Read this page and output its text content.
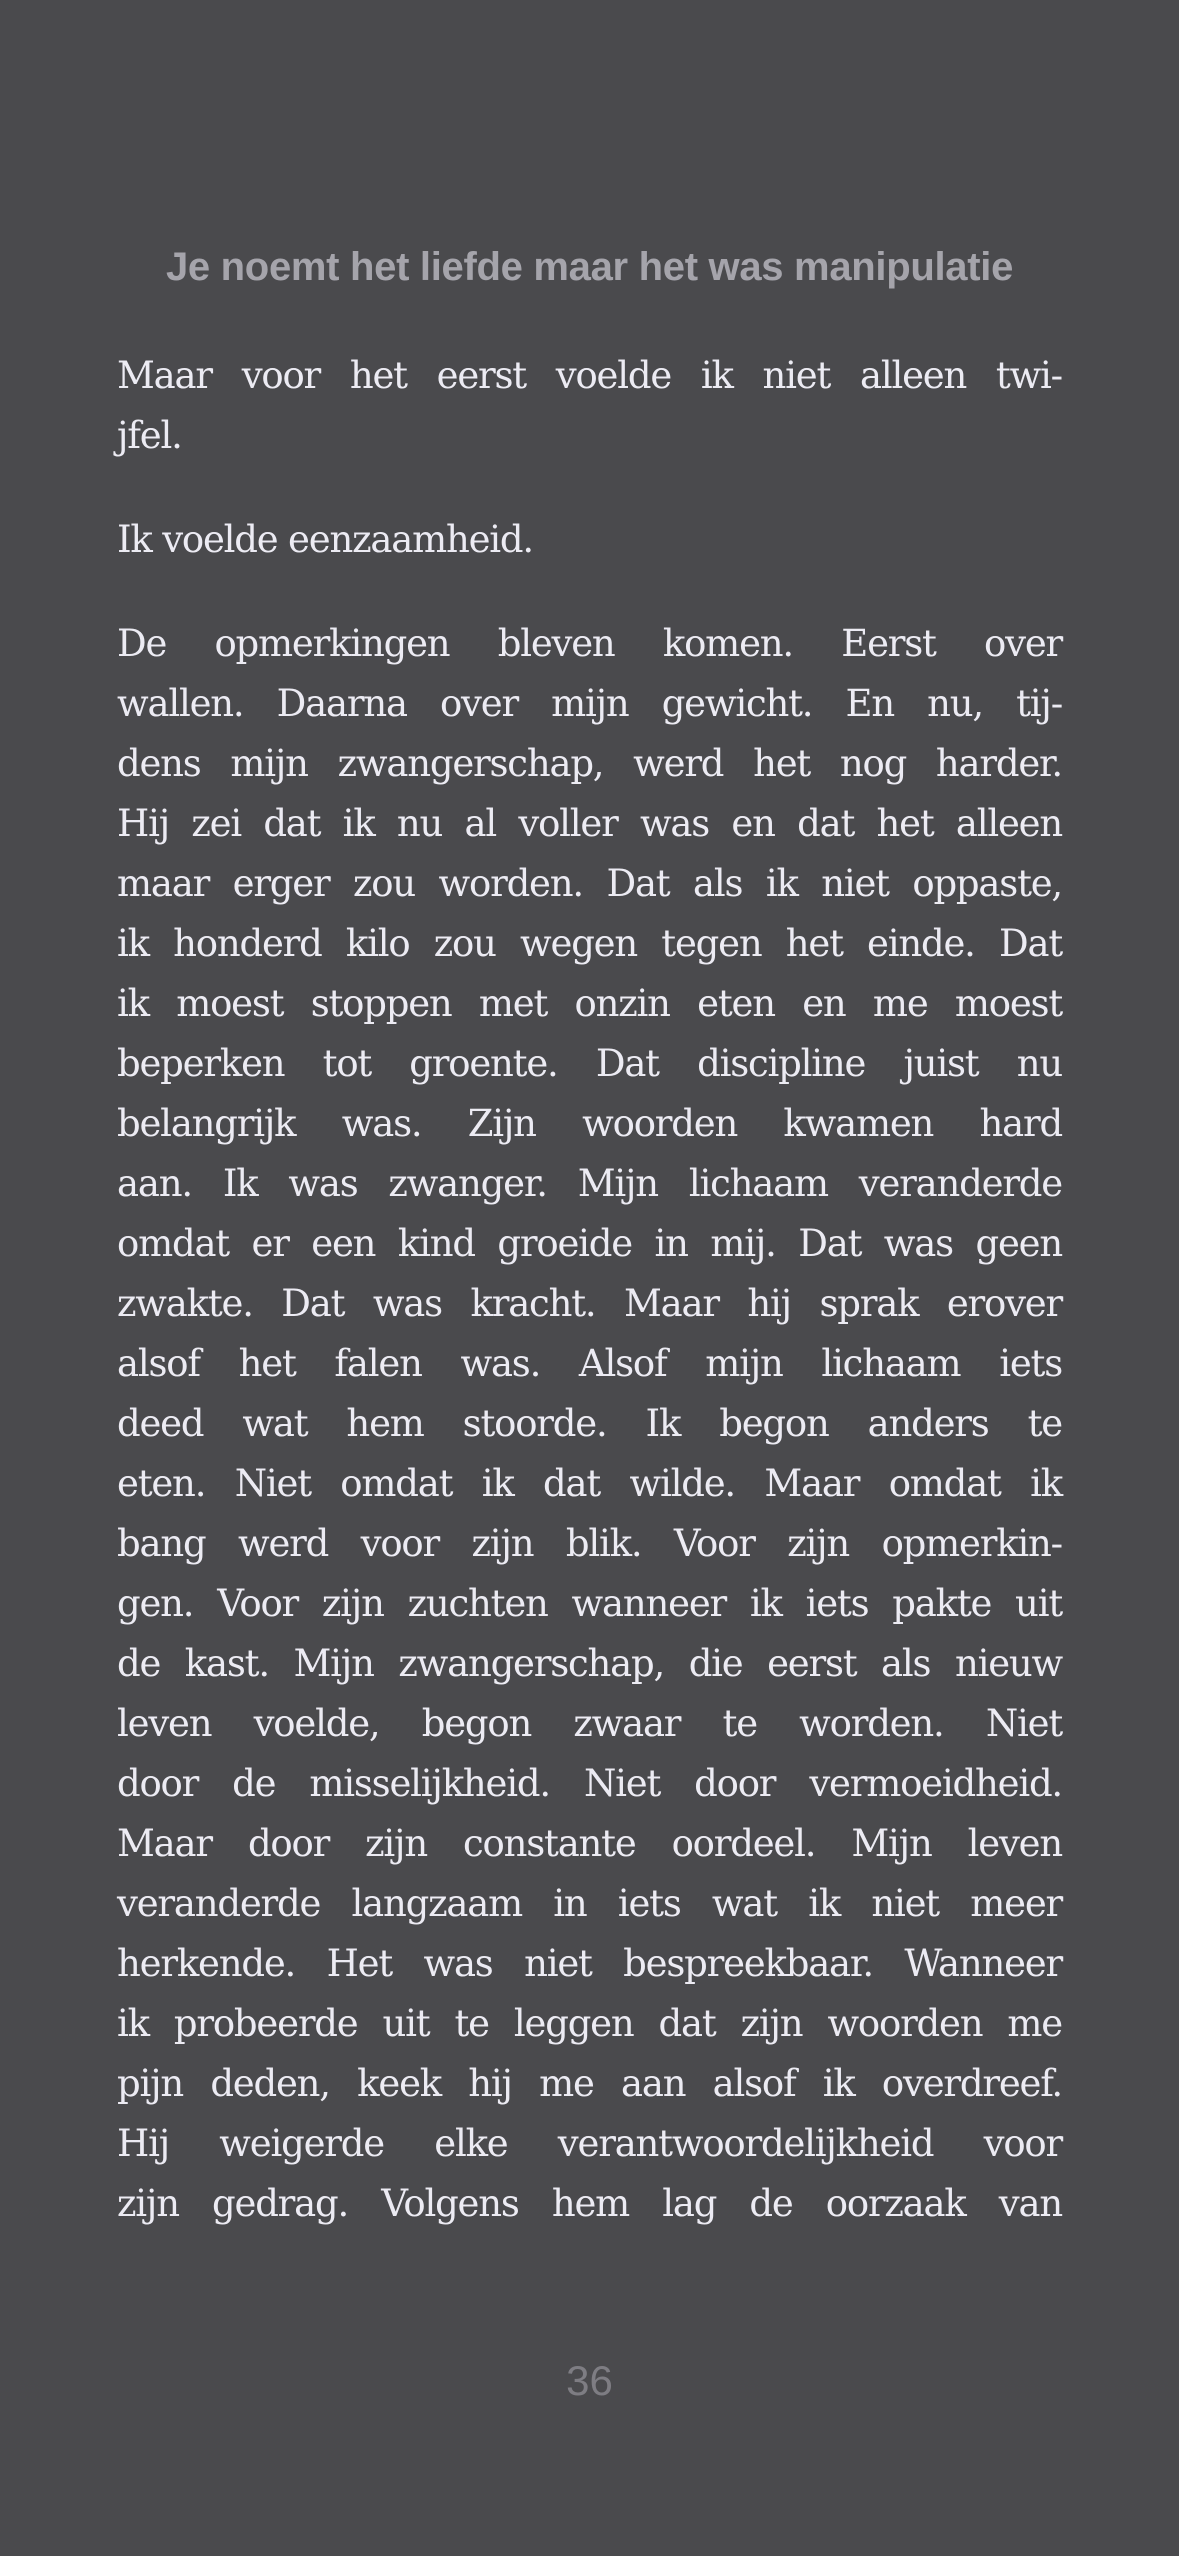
Je noemt het liefde maar het was manipulatie

Maar voor het eerst voelde ik niet alleen twi-
jfel.

Ik voelde eenzaamheid.

De opmerkingen bleven komen. Eerst over
wallen. Daarna over mijn gewicht. En nu, tij-
dens mijn zwangerschap, werd het nog harder.
Hij zei dat ik nu al voller was en dat het alleen
maar erger zou worden. Dat als ik niet oppaste,
ik honderd kilo zou wegen tegen het einde. Dat
ik moest stoppen met onzin eten en me moest
beperken tot groente. Dat discipline juist nu
belangrijk was. Zijn woorden kwamen hard
aan. Ik was zwanger. Mijn lichaam veranderde
omdat er een kind groeide in mij. Dat was geen
zwakte. Dat was kracht. Maar hij sprak erover
alsof het falen was. Alsof mijn lichaam iets
deed wat hem stoorde. Ik begon anders te
eten. Niet omdat ik dat wilde. Maar omdat ik
bang werd voor zijn blik. Voor zijn opmerkin-
gen. Voor zijn zuchten wanneer ik iets pakte uit
de kast. Mijn zwangerschap, die eerst als nieuw
leven voelde, begon zwaar te worden. Niet
door de misselijkheid. Niet door vermoeidheid.
Maar door zijn constante oordeel. Mijn leven
veranderde langzaam in iets wat ik niet meer
herkende. Het was niet bespreekbaar. Wanneer
ik probeerde uit te leggen dat zijn woorden me
pijn deden, keek hij me aan alsof ik overdreef.
Hij weigerde elke verantwoordelijkheid voor
zijn gedrag. Volgens hem lag de oorzaak van

36
